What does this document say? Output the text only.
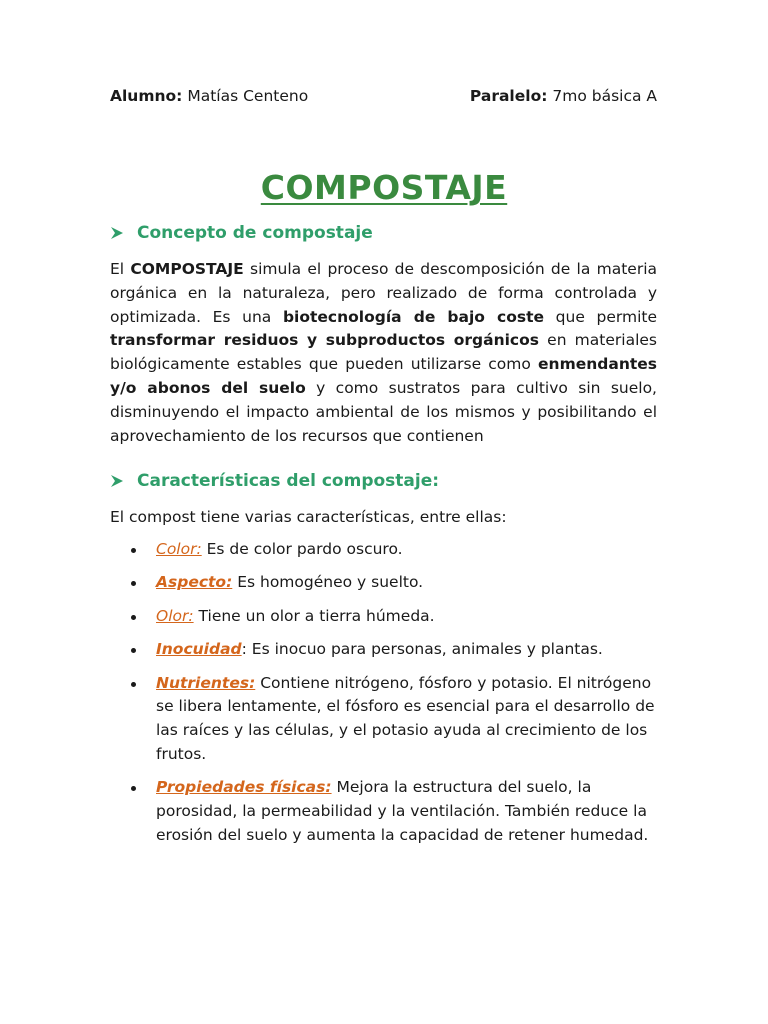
Alumno: Matías Centeno	Paralelo: 7mo básica A
COMPOSTAJE
Concepto de compostaje

El COMPOSTAJE simula el proceso de descomposición de la materia orgánica en la naturaleza, pero realizado de forma controlada y optimizada. Es una biotecnología de bajo coste que permite transformar residuos y subproductos orgánicos en materiales biológicamente estables que pueden utilizarse como enmendantes y/o abonos del suelo y como sustratos para cultivo sin suelo, disminuyendo el impacto ambiental de los mismos y posibilitando el aprovechamiento de los recursos que contienen

Características del compostaje:
El compost tiene varias características, entre ellas:
Color: Es de color pardo oscuro.
Aspecto: Es homogéneo y suelto.
Olor: Tiene un olor a tierra húmeda.
Inocuidad: Es inocuo para personas, animales y plantas.
Nutrientes: Contiene nitrógeno, fósforo y potasio. El nitrógeno se libera lentamente, el fósforo es esencial para el desarrollo de las raíces y las células, y el potasio ayuda al crecimiento de los frutos.
Propiedades físicas: Mejora la estructura del suelo, la porosidad, la permeabilidad y la ventilación. También reduce la erosión del suelo y aumenta la capacidad de retener humedad.
